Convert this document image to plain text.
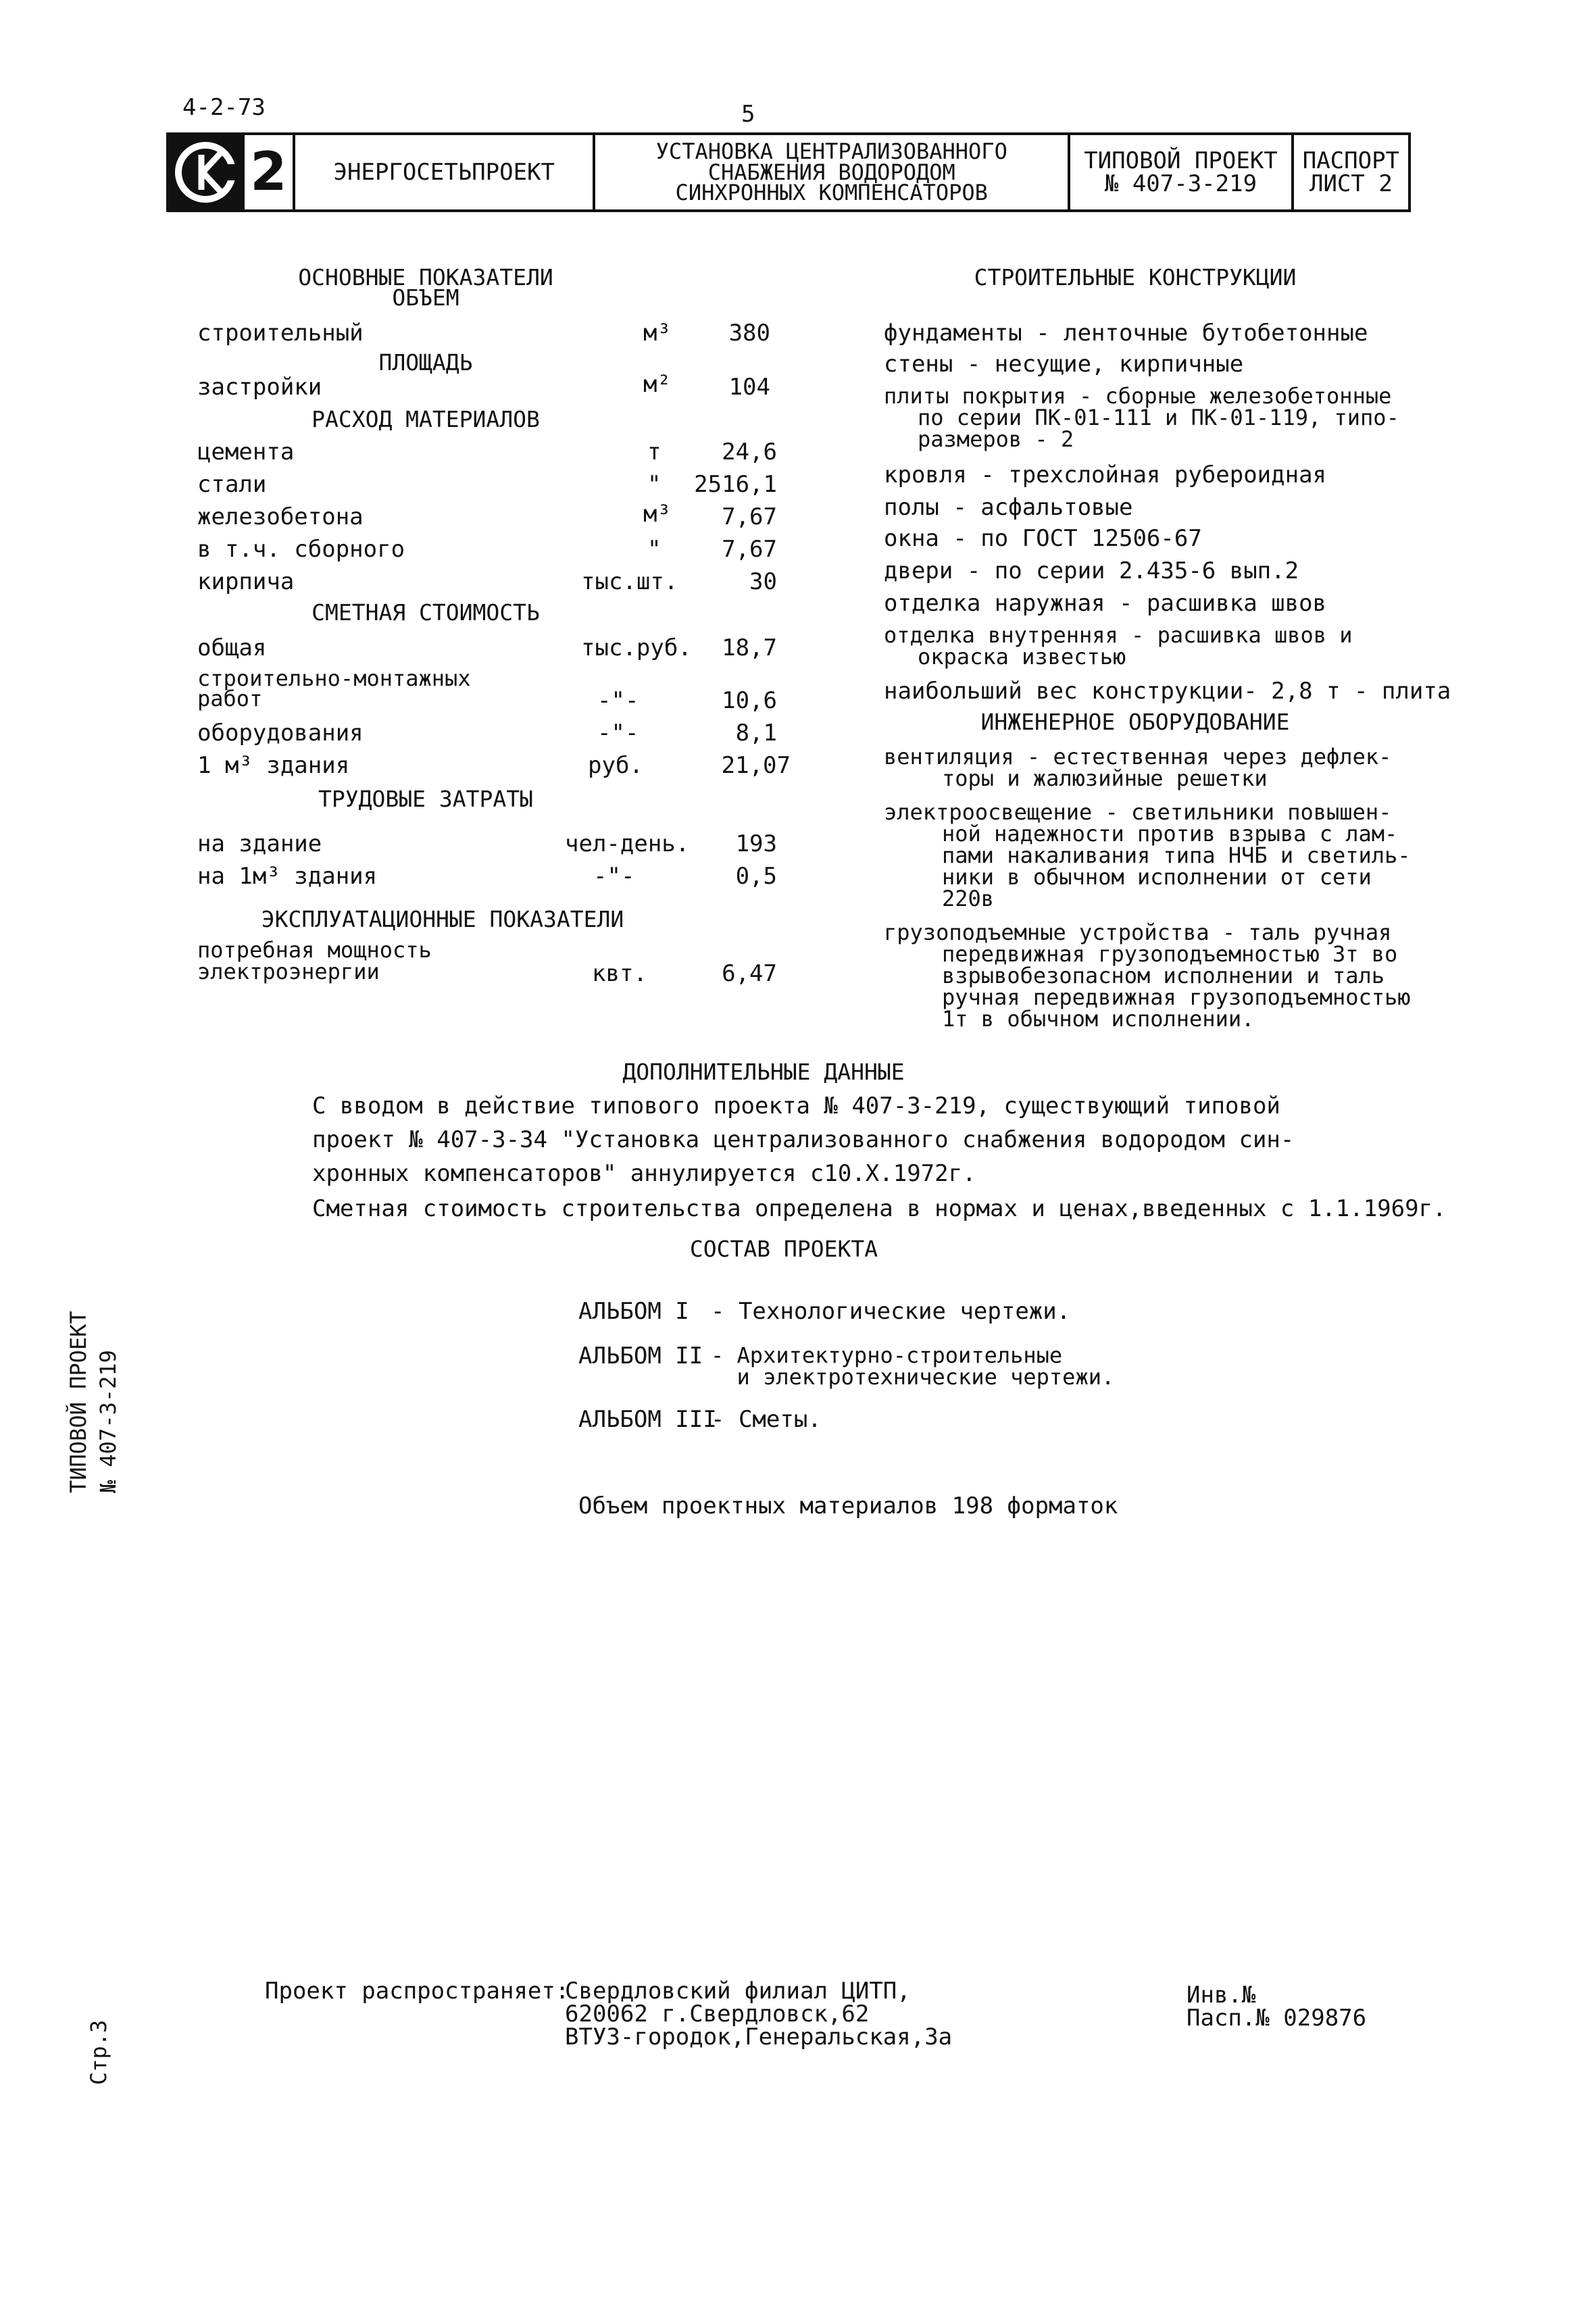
4-2-73	5
2	ЭНЕРГОСЕТЬПРОЕКТ
УСТАНОВКА ЦЕНТРАЛИЗОВАННОГО
СНАБЖЕНИЯ ВОДОРОДОМ
СИНХРОННЫХ КОМПЕНСАТОРОВ
ТИПОВОЙ ПРОЕКТ
№ 407-3-219
ПАСПОРТ
ЛИСТ 2
ОСНОВНЫЕ ПОКАЗАТЕЛИ
ОБЪЕМ
строительный	м³	380
ПЛОЩАДЬ
застройки	м²	104
РАСХОД МАТЕРИАЛОВ
цемента	т	24,6
стали	"	2516,1
железобетона	м³	7,67
в т.ч. сборного	"	7,67
кирпича	тыс.шт.	30
СМЕТНАЯ СТОИМОСТЬ
общая	тыс.руб.	18,7
строительно-монтажных
работ	-"-	10,6
оборудования	-"-	8,1
1 м³ здания	руб.	21,07
ТРУДОВЫЕ ЗАТРАТЫ
на здание	чел-день.	193
на 1м³ здания	-"-	0,5
ЭКСПЛУАТАЦИОННЫЕ ПОКАЗАТЕЛИ
потребная мощность
электроэнергии	квт.	6,47
СТРОИТЕЛЬНЫЕ КОНСТРУКЦИИ
фундаменты - ленточные бутобетонные
стены - несущие, кирпичные
плиты покрытия - сборные железобетонные
по серии ПК-01-111 и ПК-01-119, типо-
размеров - 2
кровля - трехслойная рубероидная
полы - асфальтовые
окна - по ГОСТ 12506-67
двери - по серии 2.435-6 вып.2
отделка наружная - расшивка швов
отделка внутренняя - расшивка швов и
окраска известью
наибольший вес конструкции- 2,8 т - плита
ИНЖЕНЕРНОЕ ОБОРУДОВАНИЕ
вентиляция - естественная через дефлек-
торы и жалюзийные решетки
электроосвещение - светильники повышен-
ной надежности против взрыва с лам-
пами накаливания типа НЧБ и светиль-
ники в обычном исполнении от сети
220в
грузоподъемные устройства - таль ручная
передвижная грузоподъемностью 3т во
взрывобезопасном исполнении и таль
ручная передвижная грузоподъемностью
1т в обычном исполнении.
ДОПОЛНИТЕЛЬНЫЕ ДАННЫЕ
С вводом в действие типового проекта № 407-3-219, существующий типовой
проект № 407-3-34 "Установка централизованного снабжения водородом син-
хронных компенсаторов" аннулируется с10.X.1972г.
Сметная стоимость строительства определена в нормах и ценах,введенных с 1.1.1969г.
СОСТАВ ПРОЕКТА
АЛЬБОМ I - Технологические чертежи.
АЛЬБОМ II - Архитектурно-строительные
и электротехнические чертежи.
АЛЬБОМ III
- Сметы.
Объем проектных материалов 198 форматок
Проект распространяет:
Свердловский филиал ЦИТП,
620062 г.Свердловск,62
ВТУЗ-городок,Генеральская,3а
Инв.№
Пасп.№ 029876
ТИПОВОЙ ПРОЕКТ № 407-3-219
Стр.3
